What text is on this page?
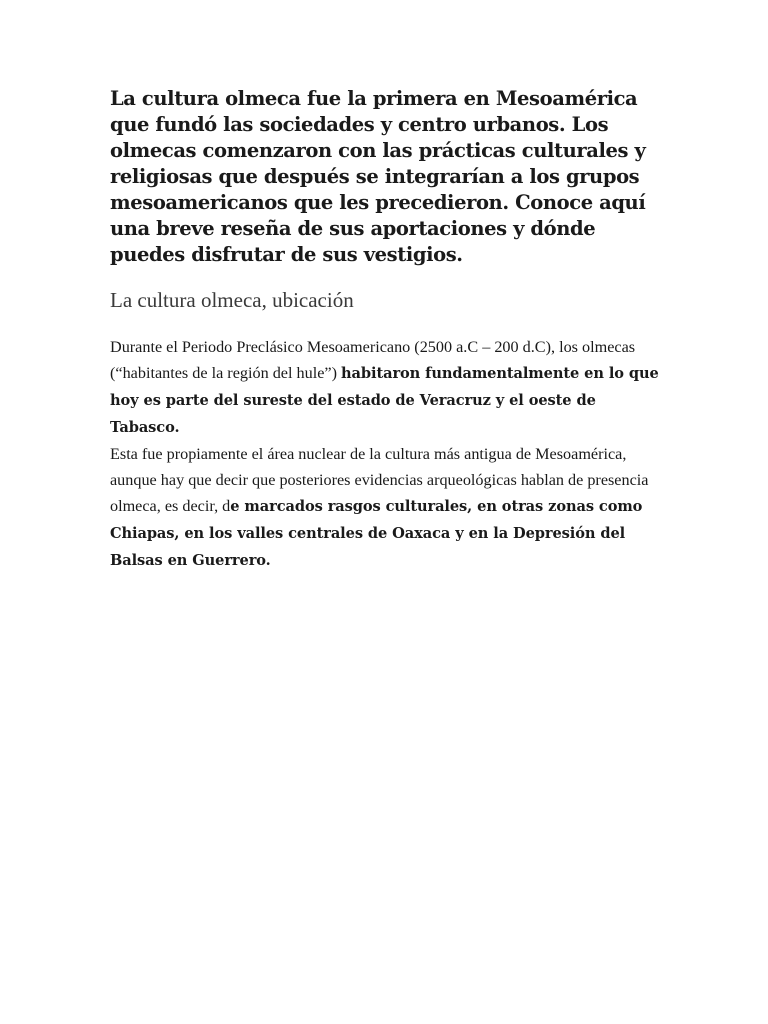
La cultura olmeca fue la primera en Mesoamérica que fundó las sociedades y centro urbanos. Los olmecas comenzaron con las prácticas culturales y religiosas que después se integrarían a los grupos mesoamericanos que les precedieron. Conoce aquí una breve reseña de sus aportaciones y dónde puedes disfrutar de sus vestigios.

La cultura olmeca, ubicación

Durante el Periodo Preclásico Mesoamericano (2500 a.C – 200 d.C), los olmecas (“habitantes de la región del hule”) habitaron fundamentalmente en lo que hoy es parte del sureste del estado de Veracruz y el oeste de Tabasco.

Esta fue propiamente el área nuclear de la cultura más antigua de Mesoamérica, aunque hay que decir que posteriores evidencias arqueológicas hablan de presencia olmeca, es decir, de marcados rasgos culturales, en otras zonas como Chiapas, en los valles centrales de Oaxaca y en la Depresión del Balsas en Guerrero.
